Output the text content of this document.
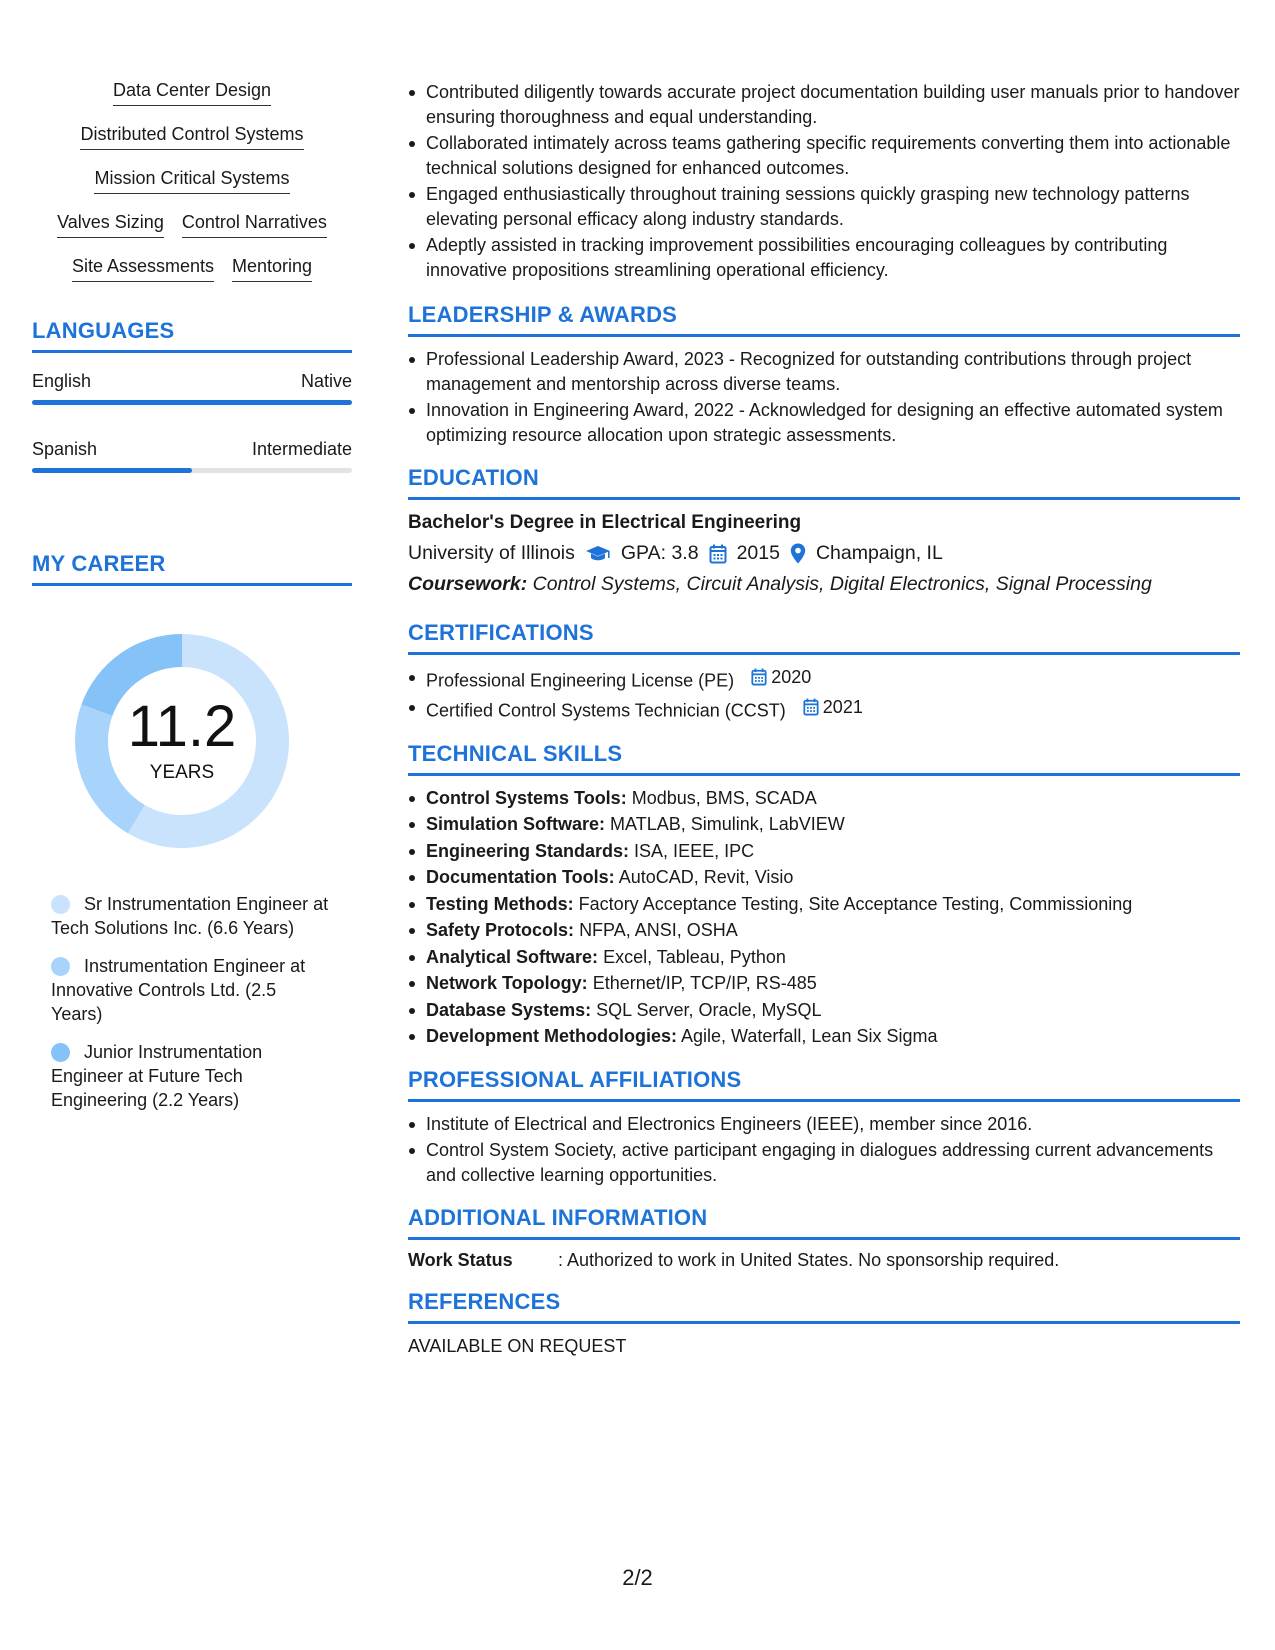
Data Center Design
Distributed Control Systems
Mission Critical Systems
Valves Sizing Control Narratives
Site Assessments Mentoring
LANGUAGES
English	Native
Spanish	Intermediate
MY CAREER
11.2
YEARS
Sr Instrumentation Engineer at Tech Solutions Inc. (6.6 Years)
Instrumentation Engineer at Innovative Controls Ltd. (2.5 Years)
Junior Instrumentation Engineer at Future Tech Engineering (2.2 Years)
Contributed diligently towards accurate project documentation building user manuals prior to handover ensuring thoroughness and equal understanding.
Collaborated intimately across teams gathering specific requirements converting them into actionable technical solutions designed for enhanced outcomes.
Engaged enthusiastically throughout training sessions quickly grasping new technology patterns elevating personal efficacy along industry standards.
Adeptly assisted in tracking improvement possibilities encouraging colleagues by contributing innovative propositions streamlining operational efficiency.
LEADERSHIP & AWARDS
Professional Leadership Award, 2023 - Recognized for outstanding contributions through project management and mentorship across diverse teams.
Innovation in Engineering Award, 2022 - Acknowledged for designing an effective automated system optimizing resource allocation upon strategic assessments.
EDUCATION
Bachelor's Degree in Electrical Engineering
University of Illinois GPA: 3.8 2015 Champaign, IL
Coursework: Control Systems, Circuit Analysis, Digital Electronics, Signal Processing
CERTIFICATIONS
Professional Engineering License (PE) 2020
Certified Control Systems Technician (CCST) 2021
TECHNICAL SKILLS
Control Systems Tools: Modbus, BMS, SCADA
Simulation Software: MATLAB, Simulink, LabVIEW
Engineering Standards: ISA, IEEE, IPC
Documentation Tools: AutoCAD, Revit, Visio
Testing Methods: Factory Acceptance Testing, Site Acceptance Testing, Commissioning
Safety Protocols: NFPA, ANSI, OSHA
Analytical Software: Excel, Tableau, Python
Network Topology: Ethernet/IP, TCP/IP, RS-485
Database Systems: SQL Server, Oracle, MySQL
Development Methodologies: Agile, Waterfall, Lean Six Sigma
PROFESSIONAL AFFILIATIONS
Institute of Electrical and Electronics Engineers (IEEE), member since 2016.
Control System Society, active participant engaging in dialogues addressing current advancements and collective learning opportunities.
ADDITIONAL INFORMATION
Work Status	: Authorized to work in United States. No sponsorship required.
REFERENCES
AVAILABLE ON REQUEST
2/2
